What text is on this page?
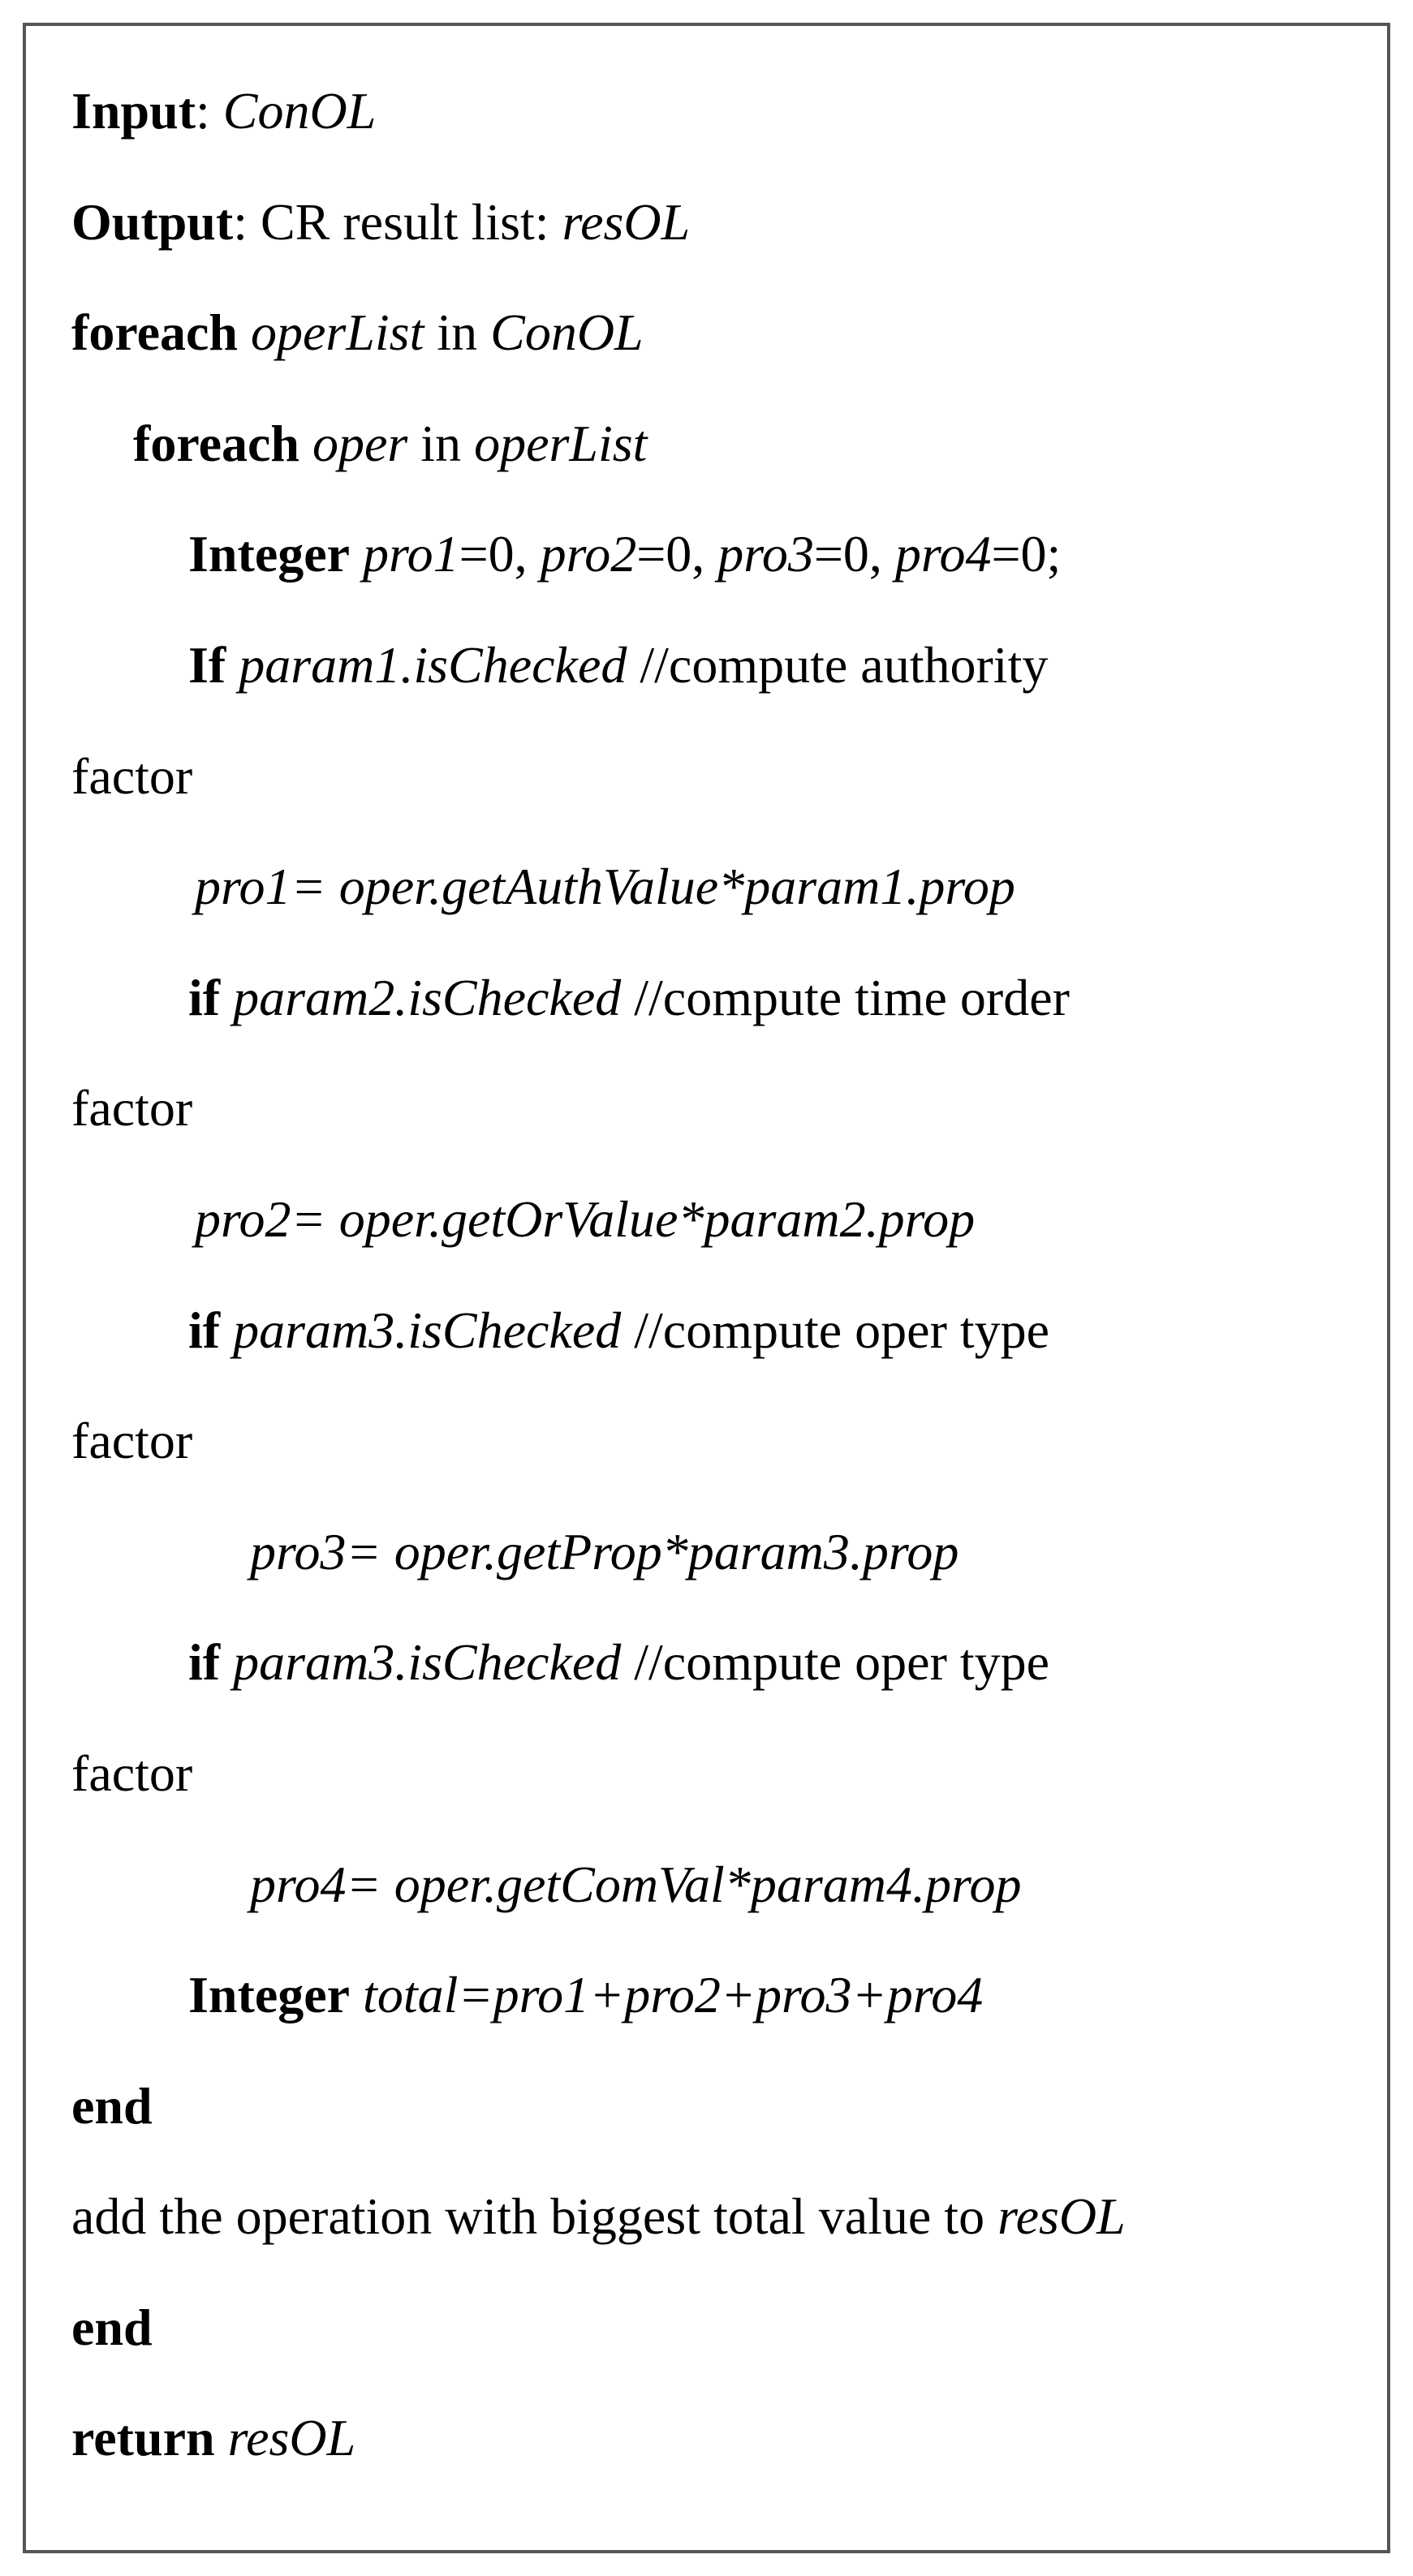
Input: ConOL
Output: CR result list: resOL
foreach operList in ConOL
foreach oper in operList
Integer pro1=0, pro2=0, pro3=0, pro4=0;
If param1.isChecked //compute authority
factor
pro1= oper.getAuthValue*param1.prop
if param2.isChecked //compute time order
factor
pro2= oper.getOrValue*param2.prop
if param3.isChecked //compute oper type
factor
pro3= oper.getProp*param3.prop
if param3.isChecked //compute oper type
factor
pro4= oper.getComVal*param4.prop
Integer total=pro1+pro2+pro3+pro4
end
add the operation with biggest total value to resOL
end
return resOL
